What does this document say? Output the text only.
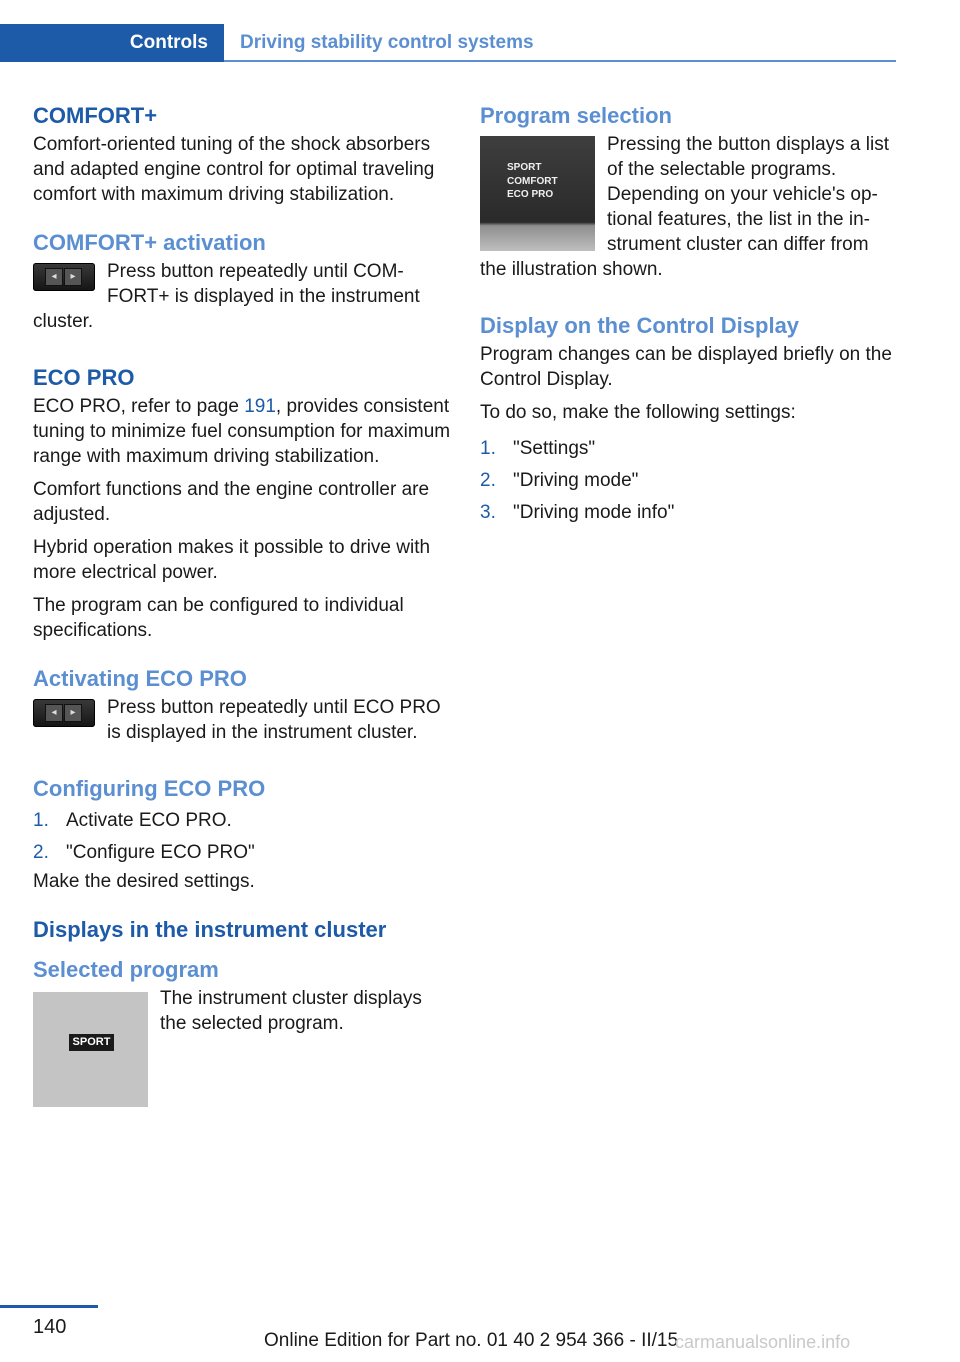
Controls	Driving stability control systems
COMFORT+

Comfort-oriented tuning of the shock absorbers and adapted engine control for optimal traveling comfort with maximum driving stabilization.

COMFORT+ activation
◂	▸	Press button repeatedly until COMFORT+ is displayed in the instrument cluster.

ECO PRO

ECO PRO, refer to page 191, provides consistent tuning to minimize fuel consumption for maximum range with maximum driving stabilization.

Comfort functions and the engine controller are adjusted.

Hybrid operation makes it possible to drive with more electrical power.

The program can be configured to individual specifications.

Activating ECO PRO
◂	▸	Press button repeatedly until ECO PRO is displayed in the instrument cluster.

Configuring ECO PRO
1. Activate ECO PRO.
2. "Configure ECO PRO"

Make the desired settings.

Displays in the instrument cluster
Selected program
SPORT

The instrument cluster displays the selected program.

Program selection
SPORT
COMFORT
ECO PRO

Pressing the button displays a list of the selectable programs. Depending on your vehicle's optional features, the list in the instrument cluster can differ from the illustration shown.

Display on the Control Display

Program changes can be displayed briefly on the Control Display.

To do so, make the following settings:

1. "Settings"
2. "Driving mode"
3. "Driving mode info"
140
Online Edition for Part no. 01 40 2 954 366 - II/15
carmanualsonline.info
